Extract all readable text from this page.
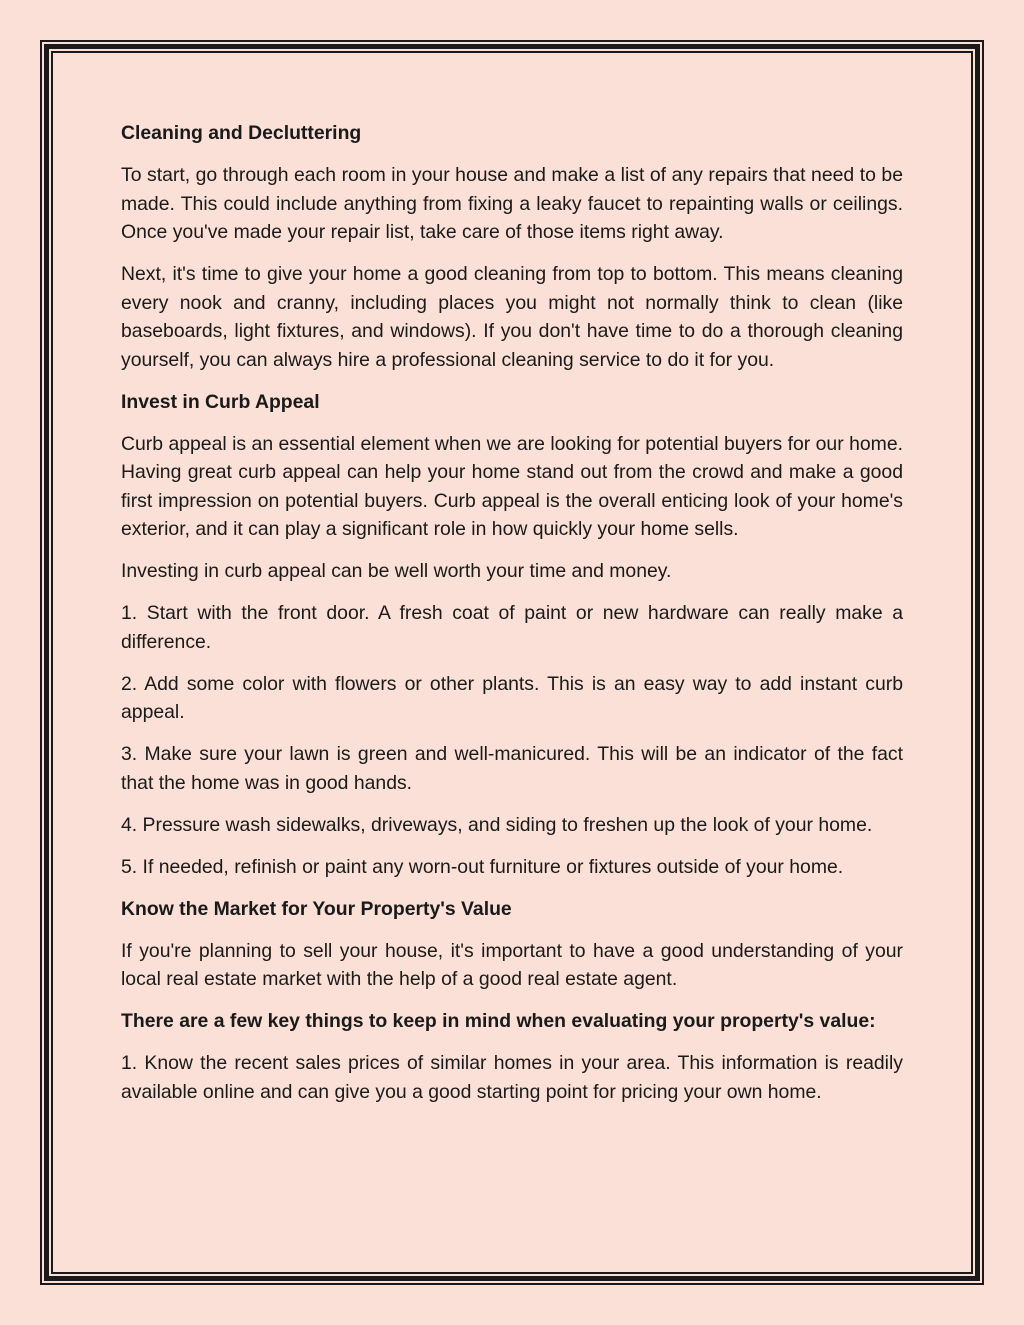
Cleaning and Decluttering

To start, go through each room in your house and make a list of any repairs that need to be made. This could include anything from fixing a leaky faucet to repainting walls or ceilings. Once you've made your repair list, take care of those items right away.

Next, it's time to give your home a good cleaning from top to bottom. This means cleaning every nook and cranny, including places you might not normally think to clean (like baseboards, light fixtures, and windows). If you don't have time to do a thorough cleaning yourself, you can always hire a professional cleaning service to do it for you.

Invest in Curb Appeal

Curb appeal is an essential element when we are looking for potential buyers for our home. Having great curb appeal can help your home stand out from the crowd and make a good first impression on potential buyers. Curb appeal is the overall enticing look of your home's exterior, and it can play a significant role in how quickly your home sells.

Investing in curb appeal can be well worth your time and money.

1. Start with the front door. A fresh coat of paint or new hardware can really make a difference.

2. Add some color with flowers or other plants. This is an easy way to add instant curb appeal.

3. Make sure your lawn is green and well-manicured. This will be an indicator of the fact that the home was in good hands.

4. Pressure wash sidewalks, driveways, and siding to freshen up the look of your home.

5. If needed, refinish or paint any worn-out furniture or fixtures outside of your home.

Know the Market for Your Property's Value

If you're planning to sell your house, it's important to have a good understanding of your local real estate market with the help of a good real estate agent.

There are a few key things to keep in mind when evaluating your property's value:

1. Know the recent sales prices of similar homes in your area. This information is readily available online and can give you a good starting point for pricing your own home.
